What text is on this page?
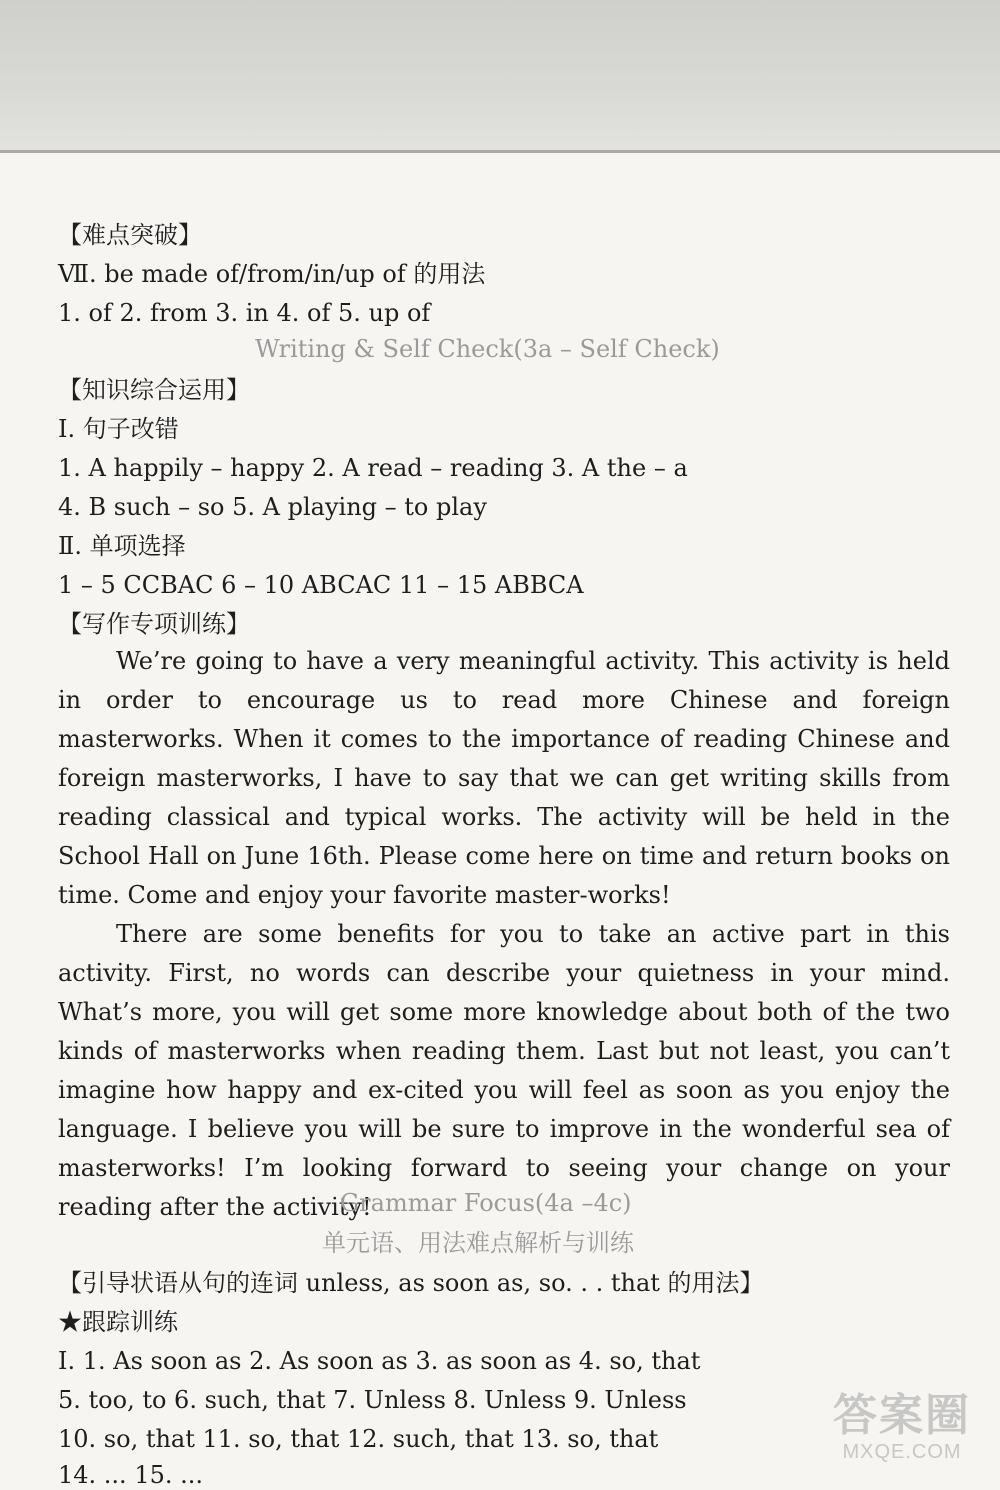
【难点突破】
Ⅶ. be made of/from/in/up of 的用法
1. of 2. from 3. in 4. of 5. up of
Writing & Self Check(3a – Self Check)
【知识综合运用】
Ⅰ. 句子改错
1. A happily – happy 2. A read – reading 3. A the – a
4. B such – so 5. A playing – to play
Ⅱ. 单项选择
1 – 5 CCBAC 6 – 10 ABCAC 11 – 15 ABBCA
【写作专项训练】
We’re going to have a very meaningful activity. This activity is held in order to encourage us to read more Chinese and foreign masterworks. When it comes to the importance of reading Chinese and foreign masterworks, I have to say that we can get writing skills from reading classical and typical works. The activity will be held in the School Hall on June 16th. Please come here on time and return books on time. Come and enjoy your favorite master-works!
There are some benefits for you to take an active part in this activity. First, no words can describe your quietness in your mind. What’s more, you will get some more knowledge about both of the two kinds of masterworks when reading them. Last but not least, you can’t imagine how happy and ex-cited you will feel as soon as you enjoy the language. I believe you will be sure to improve in the wonderful sea of masterworks! I’m looking forward to seeing your change on your reading after the activity!
Grammar Focus(4a –4c)
单元语、用法难点解析与训练
【引导状语从句的连词 unless, as soon as, so. . . that 的用法】
★跟踪训练
Ⅰ. 1. As soon as 2. As soon as 3. as soon as 4. so, that
5. too, to 6. such, that 7. Unless 8. Unless 9. Unless
10. so, that 11. so, that 12. such, that 13. so, that
14. ... 15. ...
答案圈
MXQE.COM
